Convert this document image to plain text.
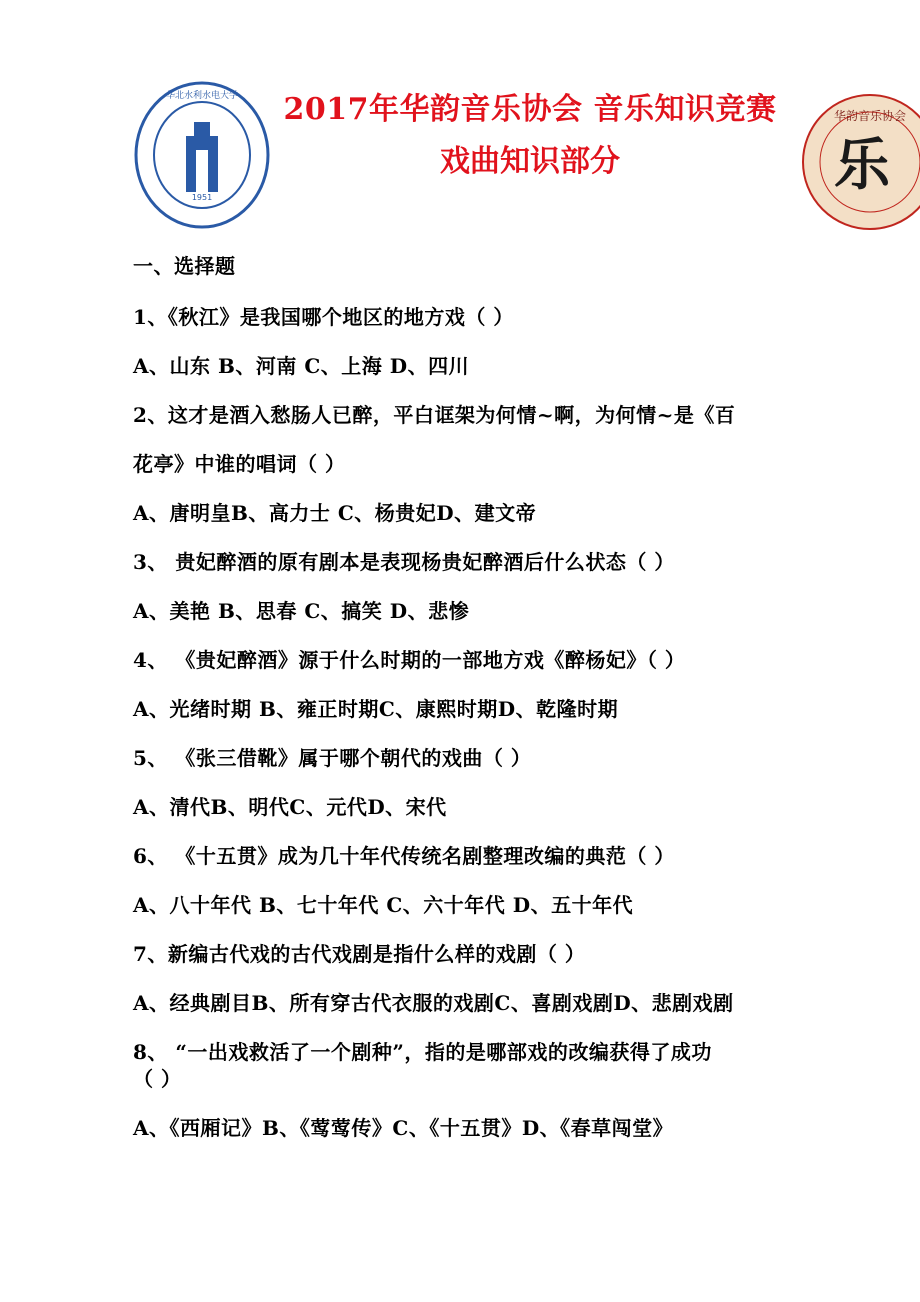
1951
华北水利水电大学
华韵音乐协会
乐
2017年华韵音乐协会 音乐知识竞赛
戏曲知识部分
一、选择题
1、《秋江》是我国哪个地区的地方戏（ ）
A、山东 B、河南 C、上海 D、四川
2、这才是酒入愁肠人已醉，平白诓架为何情~啊，为何情~是《百
花亭》中谁的唱词（ ）
A、唐明皇B、高力士 C、杨贵妃D、建文帝
3、 贵妃醉酒的原有剧本是表现杨贵妃醉酒后什么状态（ ）
A、美艳 B、思春 C、搞笑 D、悲惨
4、 《贵妃醉酒》源于什么时期的一部地方戏《醉杨妃》（ ）
A、光绪时期 B、雍正时期C、康熙时期D、乾隆时期
5、 《张三借靴》属于哪个朝代的戏曲（ ）
A、清代B、明代C、元代D、宋代
6、 《十五贯》成为几十年代传统名剧整理改编的典范（ ）
A、八十年代 B、七十年代 C、六十年代 D、五十年代
7、新编古代戏的古代戏剧是指什么样的戏剧（ ）
A、经典剧目B、所有穿古代衣服的戏剧C、喜剧戏剧D、悲剧戏剧
8、 “一出戏救活了一个剧种”，指的是哪部戏的改编获得了成功
（ ）
A、《西厢记》B、《莺莺传》C、《十五贯》D、《春草闯堂》
